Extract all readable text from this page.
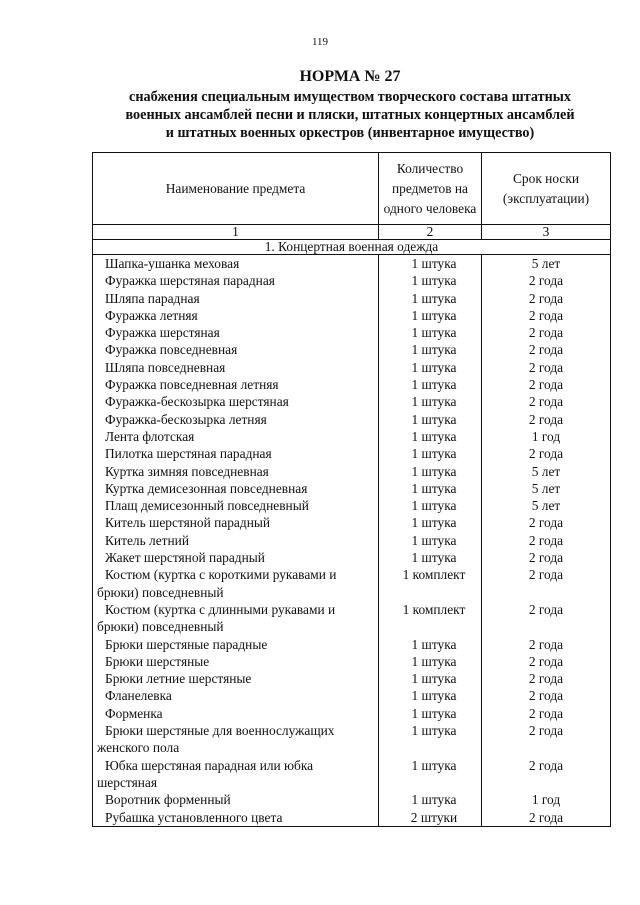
119
НОРМА № 27
снабжения специальным имуществом творческого состава штатных
военных ансамблей песни и пляски, штатных концертных ансамблей
и штатных военных оркестров (инвентарное имущество)
Наименование предмета	Количество предметов на одного человека	Срок носки (эксплуатации)
1	2	3
1. Концертная военная одежда		
Шапка-ушанка меховая	1 штука	5 лет
Фуражка шерстяная парадная	1 штука	2 года
Шляпа парадная	1 штука	2 года
Фуражка летняя	1 штука	2 года
Фуражка шерстяная	1 штука	2 года
Фуражка повседневная	1 штука	2 года
Шляпа повседневная	1 штука	2 года
Фуражка повседневная летняя	1 штука	2 года
Фуражка-бескозырка шерстяная	1 штука	2 года
Фуражка-бескозырка летняя	1 штука	2 года
Лента флотская	1 штука	1 год
Пилотка шерстяная парадная	1 штука	2 года
Куртка зимняя повседневная	1 штука	5 лет
Куртка демисезонная повседневная	1 штука	5 лет
Плащ демисезонный повседневный	1 штука	5 лет
Китель шерстяной парадный	1 штука	2 года
Китель летний	1 штука	2 года
Жакет шерстяной парадный	1 штука	2 года
Костюм (куртка с короткими рукавами и брюки) повседневный	1 комплект	2 года
Костюм (куртка с длинными рукавами и брюки) повседневный	1 комплект	2 года
Брюки шерстяные парадные	1 штука	2 года
Брюки шерстяные	1 штука	2 года
Брюки летние шерстяные	1 штука	2 года
Фланелевка	1 штука	2 года
Форменка	1 штука	2 года
Брюки шерстяные для военнослужащих женского пола	1 штука	2 года
Юбка шерстяная парадная или юбка шерстяная	1 штука	2 года
Воротник форменный	1 штука	1 год
Рубашка установленного цвета	2 штуки	2 года
